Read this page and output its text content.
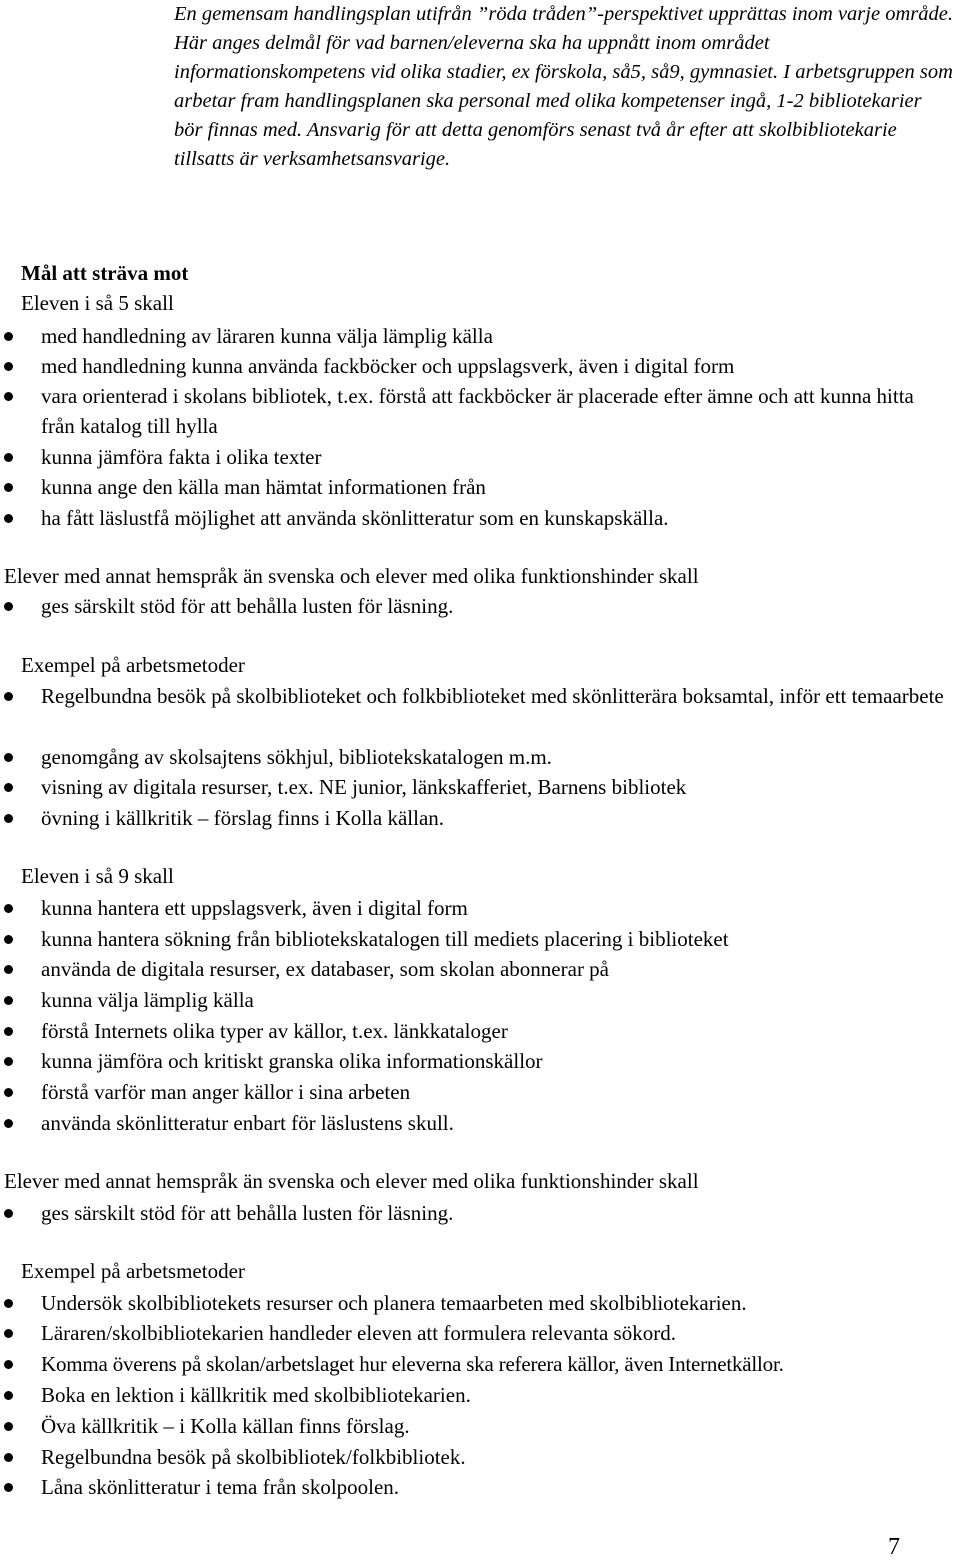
En gemensam handlingsplan utifrån ”röda tråden”-perspektivet upprättas inom varje område. Här anges delmål för vad barnen/eleverna ska ha uppnått inom området informationskompetens vid olika stadier, ex förskola, så5, så9, gymnasiet. I arbetsgruppen som arbetar fram handlingsplanen ska personal med olika kompetenser ingå, 1-2 bibliotekarier bör finnas med. Ansvarig för att detta genomförs senast två år efter att skolbibliotekarie tillsatts är verksamhetsansvarige.

Mål att sträva mot
Eleven i så 5 skall
med handledning av läraren kunna välja lämplig källa
med handledning kunna använda fackböcker och uppslagsverk, även i digital form
vara orienterad i skolans bibliotek, t.ex. förstå att fackböcker är placerade efter ämne och att kunna hitta från katalog till hylla
kunna jämföra fakta i olika texter
kunna ange den källa man hämtat informationen från
ha fått läslustfå möjlighet att använda skönlitteratur som en kunskapskälla.
Elever med annat hemspråk än svenska och elever med olika funktionshinder skall
ges särskilt stöd för att behålla lusten för läsning.
Exempel på arbetsmetoder
Regelbundna besök på skolbiblioteket och folkbiblioteket med skönlitterära boksamtal, inför ett temaarbete
genomgång av skolsajtens sökhjul, bibliotekskatalogen m.m.
visning av digitala resurser, t.ex. NE junior, länkskafferiet, Barnens bibliotek
övning i källkritik – förslag finns i Kolla källan.
Eleven i så 9 skall
kunna hantera ett uppslagsverk, även i digital form
kunna hantera sökning från bibliotekskatalogen till mediets placering i biblioteket
använda de digitala resurser, ex databaser, som skolan abonnerar på
kunna välja lämplig källa
förstå Internets olika typer av källor, t.ex. länkkataloger
kunna jämföra och kritiskt granska olika informationskällor
förstå varför man anger källor i sina arbeten
använda skönlitteratur enbart för läslustens skull.
Elever med annat hemspråk än svenska och elever med olika funktionshinder skall
ges särskilt stöd för att behålla lusten för läsning.
Exempel på arbetsmetoder
Undersök skolbibliotekets resurser och planera temaarbeten med skolbibliotekarien.
Läraren/skolbibliotekarien handleder eleven att formulera relevanta sökord.
Komma överens på skolan/arbetslaget hur eleverna ska referera källor, även Internetkällor.
Boka en lektion i källkritik med skolbibliotekarien.
Öva källkritik – i Kolla källan finns förslag.
Regelbundna besök på skolbibliotek/folkbibliotek.
Låna skönlitteratur i tema från skolpoolen.
7
